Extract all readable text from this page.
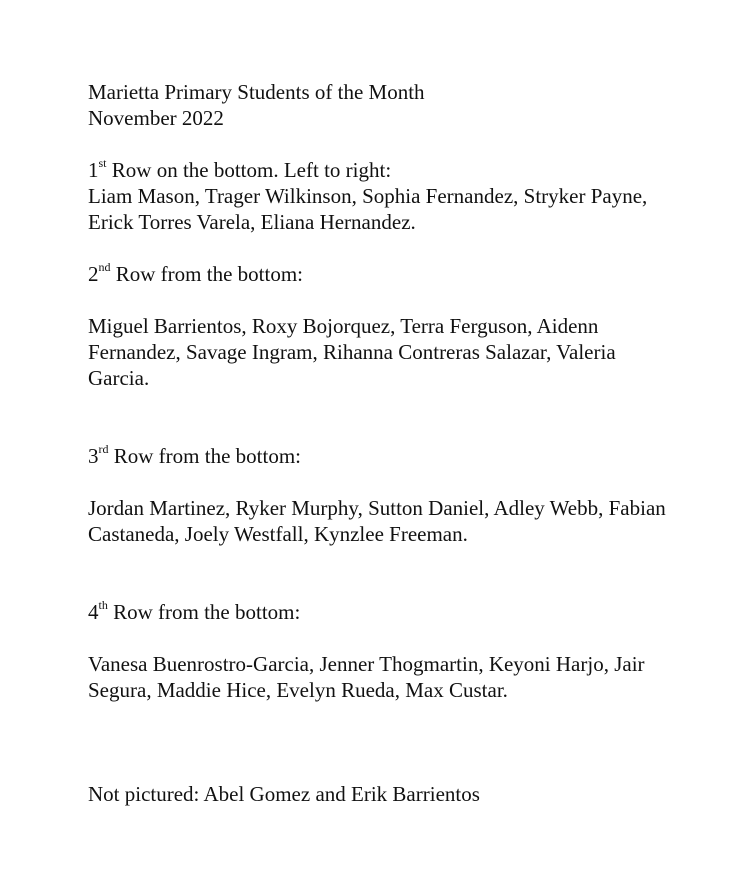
Marietta Primary Students of the Month

November 2022

1st Row on the bottom. Left to right:

Liam Mason, Trager Wilkinson, Sophia Fernandez, Stryker Payne, Erick Torres Varela, Eliana Hernandez.

2nd Row from the bottom:

Miguel Barrientos, Roxy Bojorquez, Terra Ferguson, Aidenn Fernandez, Savage Ingram, Rihanna Contreras Salazar, Valeria Garcia.

3rd Row from the bottom:

Jordan Martinez, Ryker Murphy, Sutton Daniel, Adley Webb, Fabian Castaneda, Joely Westfall, Kynzlee Freeman.

4th Row from the bottom:

Vanesa Buenrostro-Garcia, Jenner Thogmartin, Keyoni Harjo, Jair Segura, Maddie Hice, Evelyn Rueda, Max Custar.

Not pictured: Abel Gomez and Erik Barrientos
